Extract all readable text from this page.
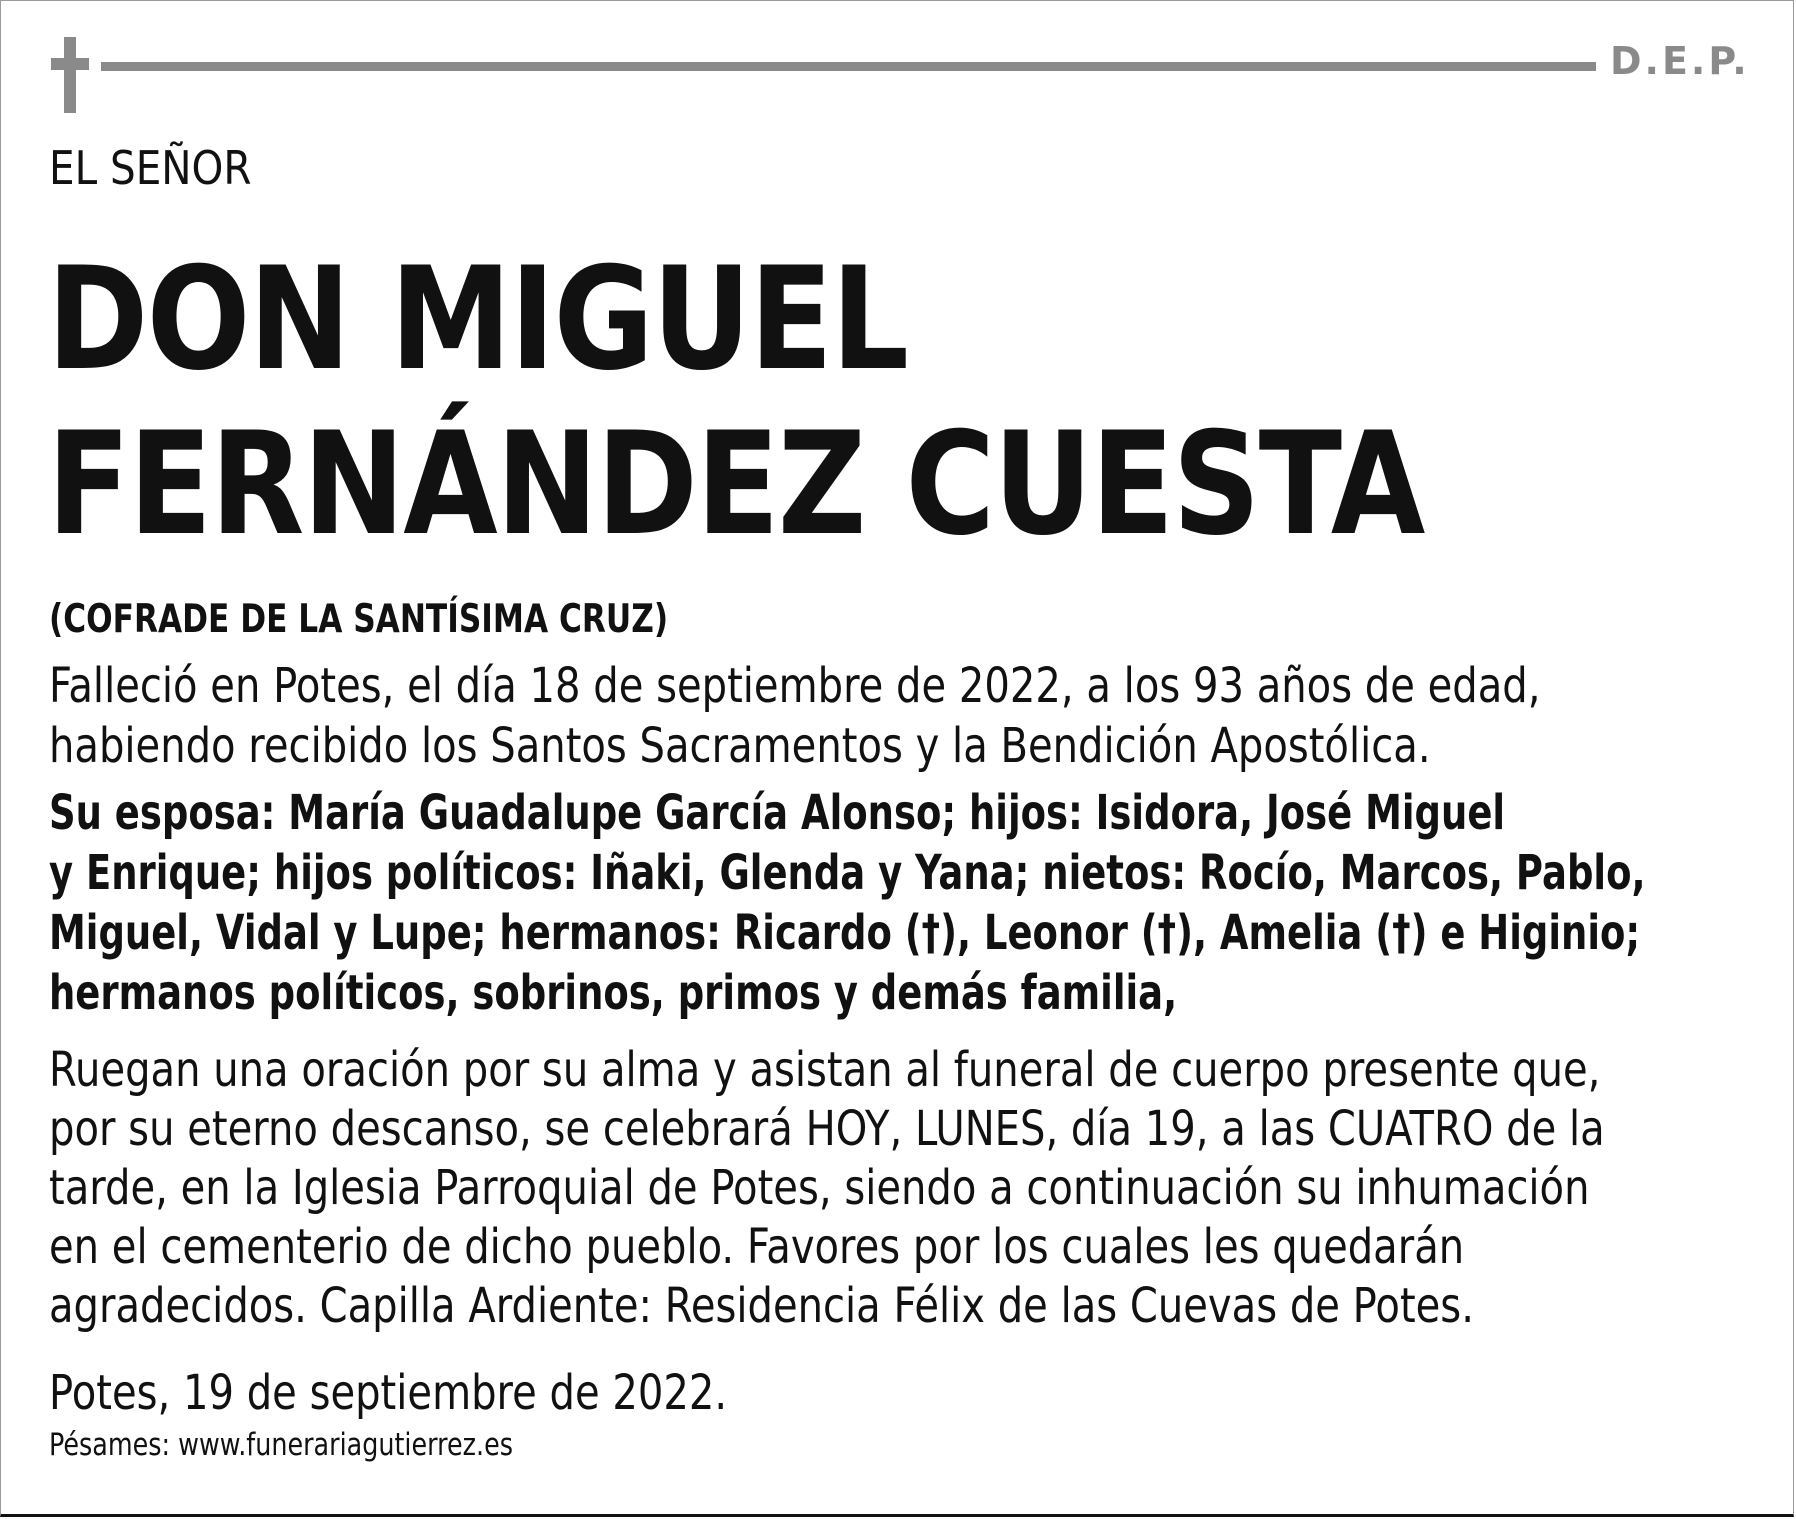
D.E.P.
EL SEÑOR
DON MIGUEL
FERNÁNDEZ CUESTA
(COFRADE DE LA SANTÍSIMA CRUZ)
Falleció en Potes, el día 18 de septiembre de 2022, a los 93 años de edad,
habiendo recibido los Santos Sacramentos y la Bendición Apostólica.
Su esposa: María Guadalupe García Alonso; hijos: Isidora, José Miguel
y Enrique; hijos políticos: Iñaki, Glenda y Yana; nietos: Rocío, Marcos, Pablo,
Miguel, Vidal y Lupe; hermanos: Ricardo (†), Leonor (†), Amelia (†) e Higinio;
hermanos políticos, sobrinos, primos y demás familia,
Ruegan una oración por su alma y asistan al funeral de cuerpo presente que,
por su eterno descanso, se celebrará HOY, LUNES, día 19, a las CUATRO de la
tarde, en la Iglesia Parroquial de Potes, siendo a continuación su inhumación
en el cementerio de dicho pueblo. Favores por los cuales les quedarán
agradecidos. Capilla Ardiente: Residencia Félix de las Cuevas de Potes.
Potes, 19 de septiembre de 2022.
Pésames: www.funerariagutierrez.es
